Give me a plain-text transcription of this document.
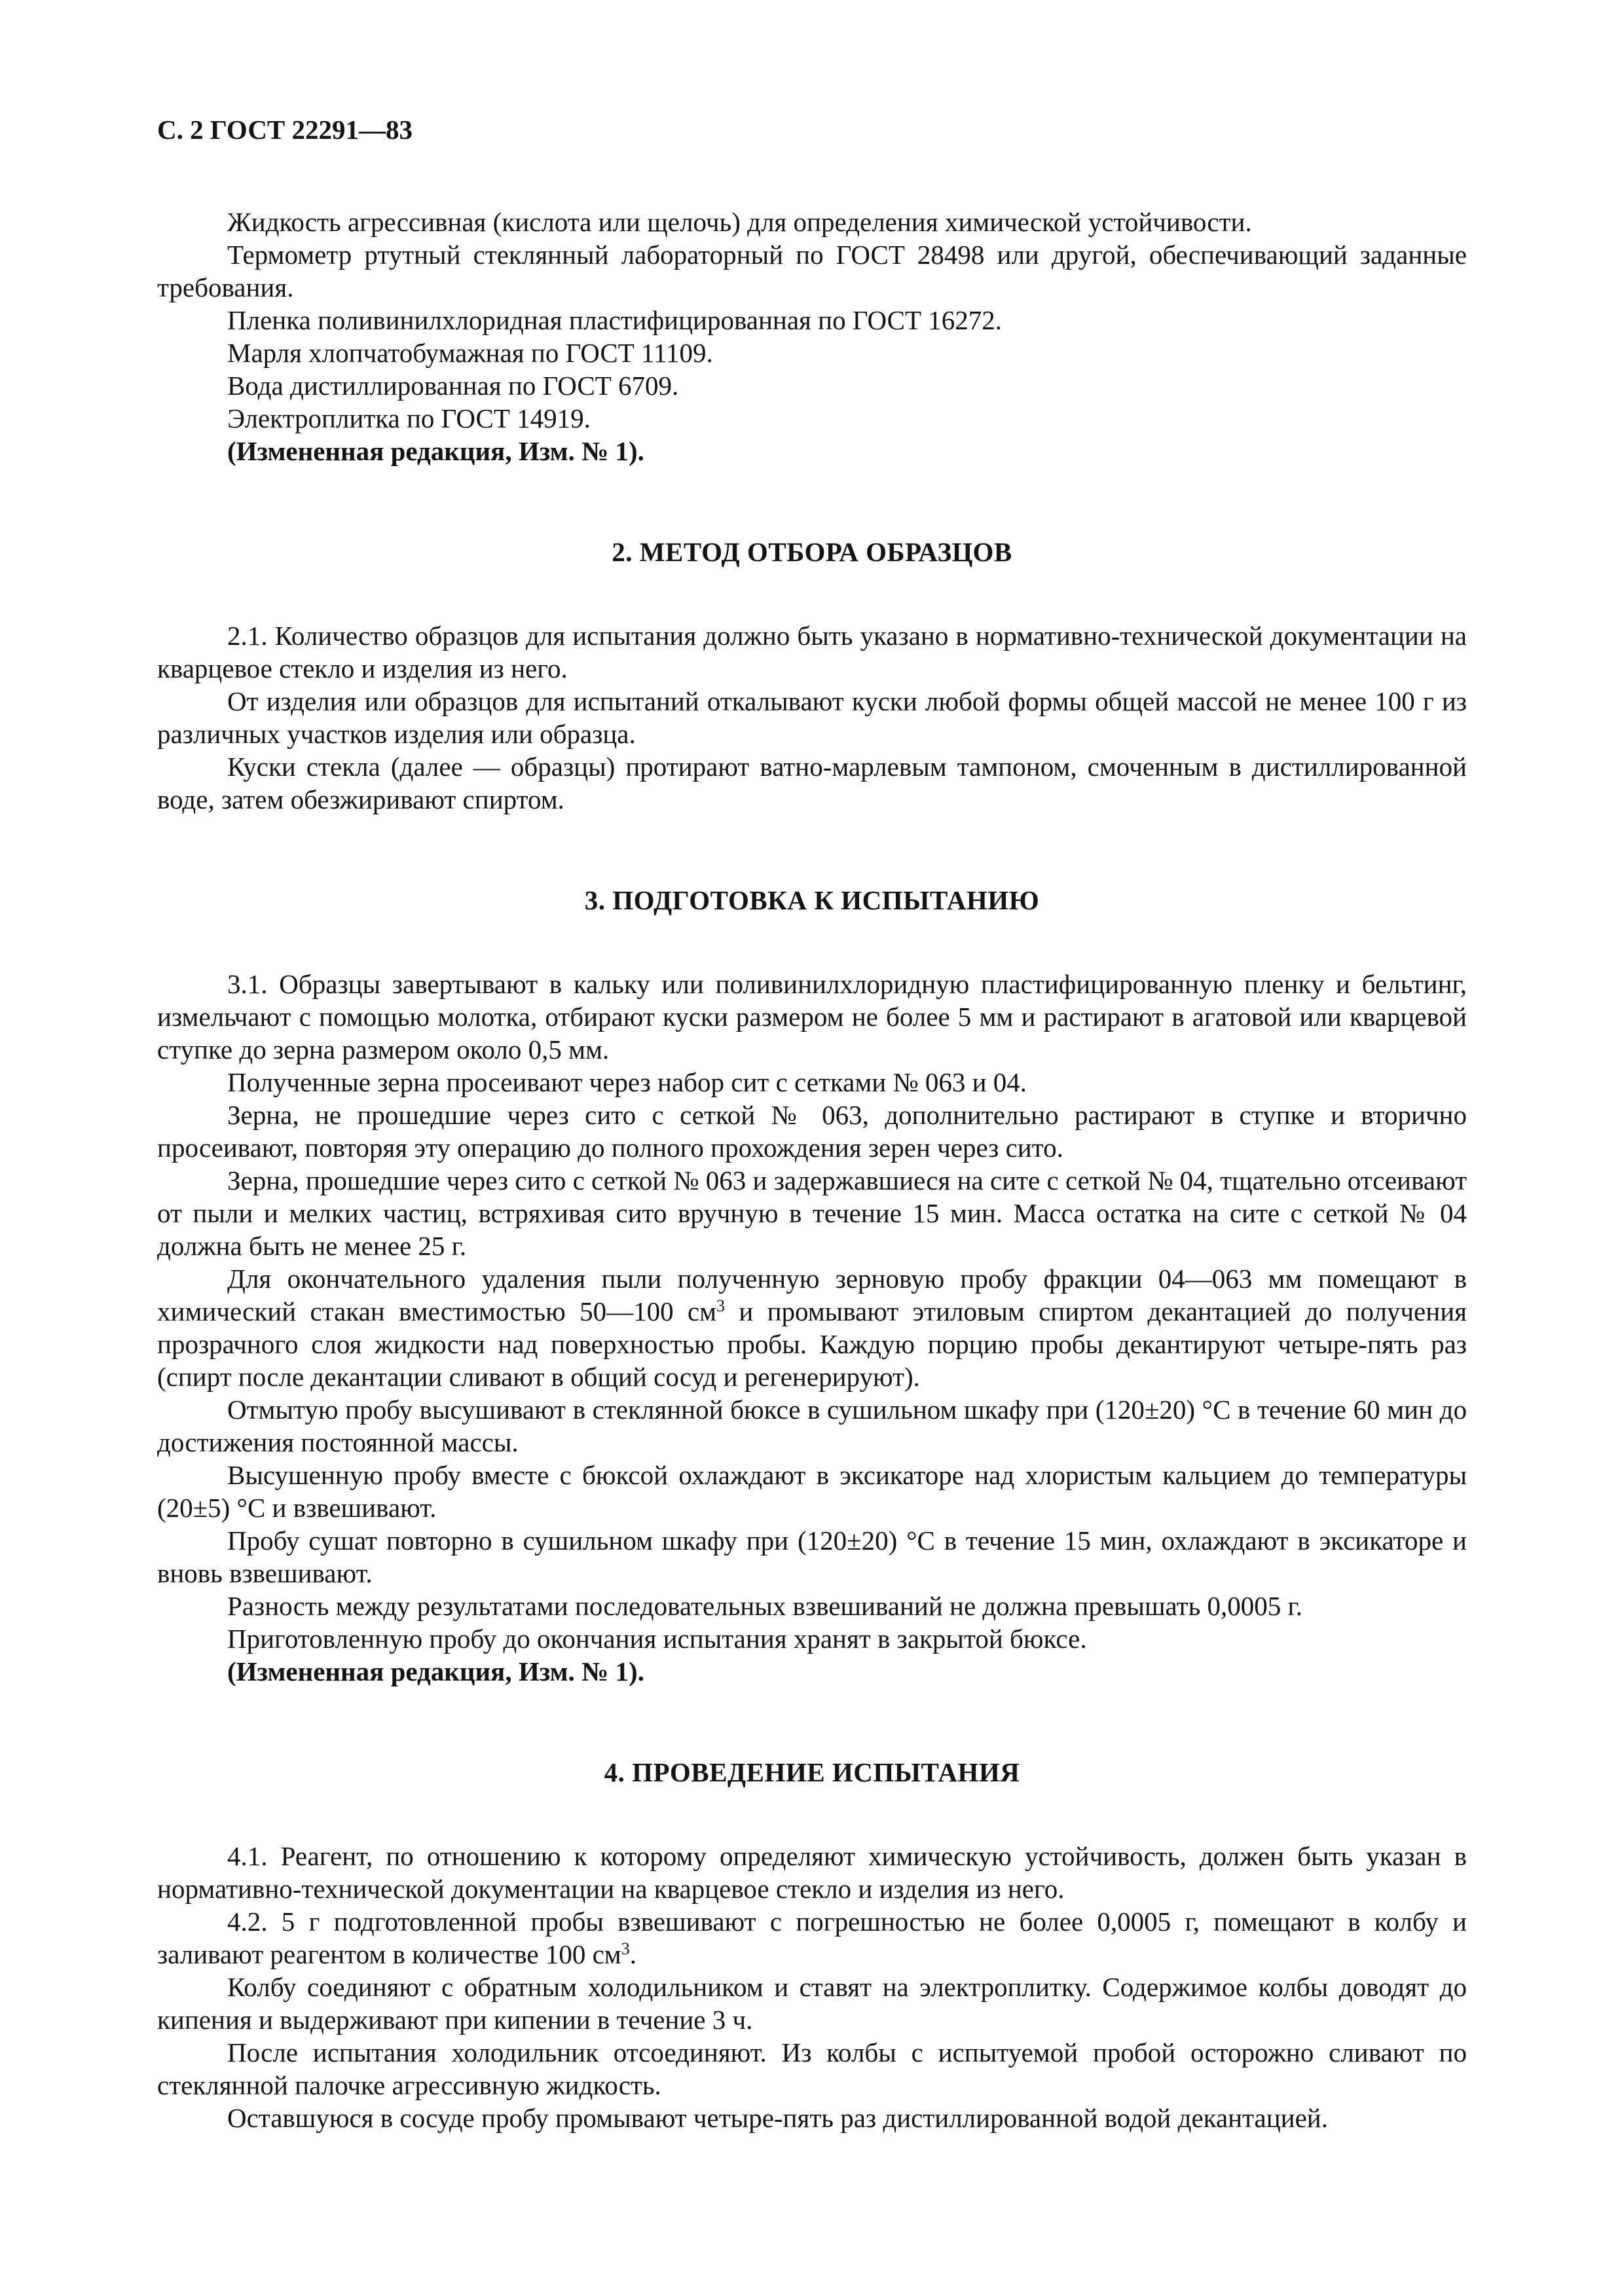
С. 2 ГОСТ 22291—83

Жидкость агрессивная (кислота или щелочь) для определения химической устойчивости.

Термометр ртутный стеклянный лабораторный по ГОСТ 28498 или другой, обеспечивающий заданные требования.

Пленка поливинилхлоридная пластифицированная по ГОСТ 16272.

Марля хлопчатобумажная по ГОСТ 11109.

Вода дистиллированная по ГОСТ 6709.

Электроплитка по ГОСТ 14919.

(Измененная редакция, Изм. № 1).

2. МЕТОД ОТБОРА ОБРАЗЦОВ

2.1. Количество образцов для испытания должно быть указано в нормативно-технической документации на кварцевое стекло и изделия из него.

От изделия или образцов для испытаний откалывают куски любой формы общей массой не менее 100 г из различных участков изделия или образца.

Куски стекла (далее — образцы) протирают ватно-марлевым тампоном, смоченным в дистиллированной воде, затем обезжиривают спиртом.

3. ПОДГОТОВКА К ИСПЫТАНИЮ

3.1. Образцы завертывают в кальку или поливинилхлоридную пластифицированную пленку и бельтинг, измельчают с помощью молотка, отбирают куски размером не более 5 мм и растирают в агатовой или кварцевой ступке до зерна размером около 0,5 мм.

Полученные зерна просеивают через набор сит с сетками № 063 и 04.

Зерна, не прошедшие через сито с сеткой № 063, дополнительно растирают в ступке и вторично просеивают, повторяя эту операцию до полного прохождения зерен через сито.

Зерна, прошедшие через сито с сеткой № 063 и задержавшиеся на сите с сеткой № 04, тщательно отсеивают от пыли и мелких частиц, встряхивая сито вручную в течение 15 мин. Масса остатка на сите с сеткой № 04 должна быть не менее 25 г.

Для окончательного удаления пыли полученную зерновую пробу фракции 04—063 мм помещают в химический стакан вместимостью 50—100 $см^3$ и промывают этиловым спиртом декантацией до получения прозрачного слоя жидкости над поверхностью пробы. Каждую порцию пробы декантируют четыре-пять раз (спирт после декантации сливают в общий сосуд и регенерируют).

Отмытую пробу высушивают в стеклянной бюксе в сушильном шкафу при (120±20) °С в течение 60 мин до достижения постоянной массы.

Высушенную пробу вместе с бюксой охлаждают в эксикаторе над хлористым кальцием до температуры (20±5) °С и взвешивают.

Пробу сушат повторно в сушильном шкафу при (120±20) °С в течение 15 мин, охлаждают в эксикаторе и вновь взвешивают.

Разность между результатами последовательных взвешиваний не должна превышать 0,0005 г.

Приготовленную пробу до окончания испытания хранят в закрытой бюксе.

(Измененная редакция, Изм. № 1).

4. ПРОВЕДЕНИЕ ИСПЫТАНИЯ

4.1. Реагент, по отношению к которому определяют химическую устойчивость, должен быть указан в нормативно-технической документации на кварцевое стекло и изделия из него.

4.2. 5 г подготовленной пробы взвешивают с погрешностью не более 0,0005 г, помещают в колбу и заливают реагентом в количестве 100 $см^3$.

Колбу соединяют с обратным холодильником и ставят на электроплитку. Содержимое колбы доводят до кипения и выдерживают при кипении в течение 3 ч.

После испытания холодильник отсоединяют. Из колбы с испытуемой пробой осторожно сливают по стеклянной палочке агрессивную жидкость.

Оставшуюся в сосуде пробу промывают четыре-пять раз дистиллированной водой декантацией.
